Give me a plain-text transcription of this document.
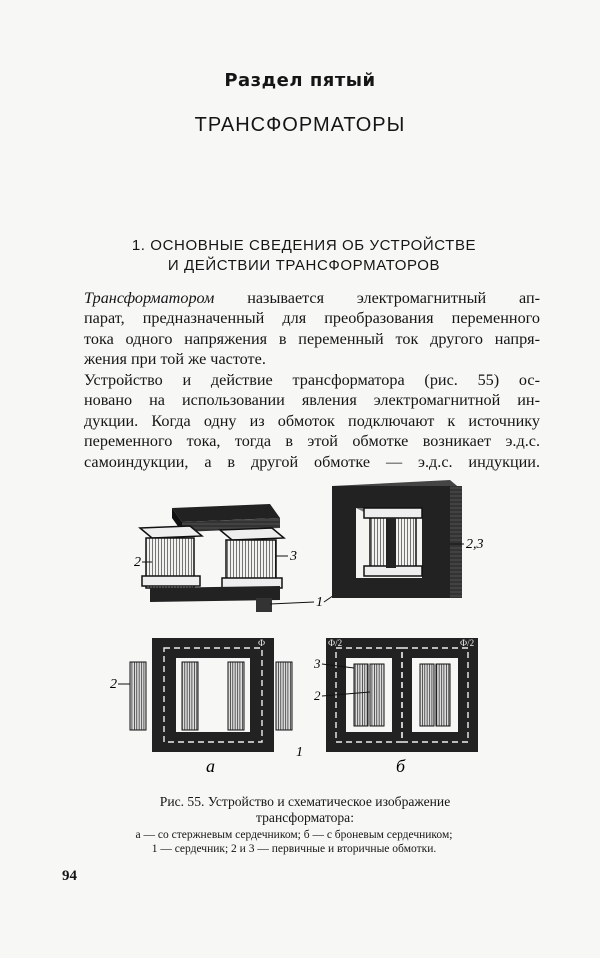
Раздел пятый
ТРАНСФОРМАТОРЫ
1. ОСНОВНЫЕ СВЕДЕНИЯ ОБ УСТРОЙСТВЕ
И ДЕЙСТВИИ ТРАНСФОРМАТОРОВ
Трансформатором называется электромагнитный ап-
парат, предназначенный для преобразования переменного
тока одного напряжения в переменный ток другого напря-
жения при той же частоте.
Устройство и действие трансформатора (рис. 55) ос-
новано на использовании явления электромагнитной ин-
дукции. Когда одну из обмоток подключают к источнику
переменного тока, тогда в этой обмотке возникает э.д.с.
самоиндукции, а в другой обмотке — э.д.с. индукции.
2	3
1
2,3
2
Ф
а
1
Ф/2	Ф/2
3
2
б
Рис. 55. Устройство и схематическое изображение
трансформатора:
а — со стержневым сердечником; б — с броневым сердечником;
1 — сердечник; 2 и 3 — первичные и вторичные обмотки.
94
